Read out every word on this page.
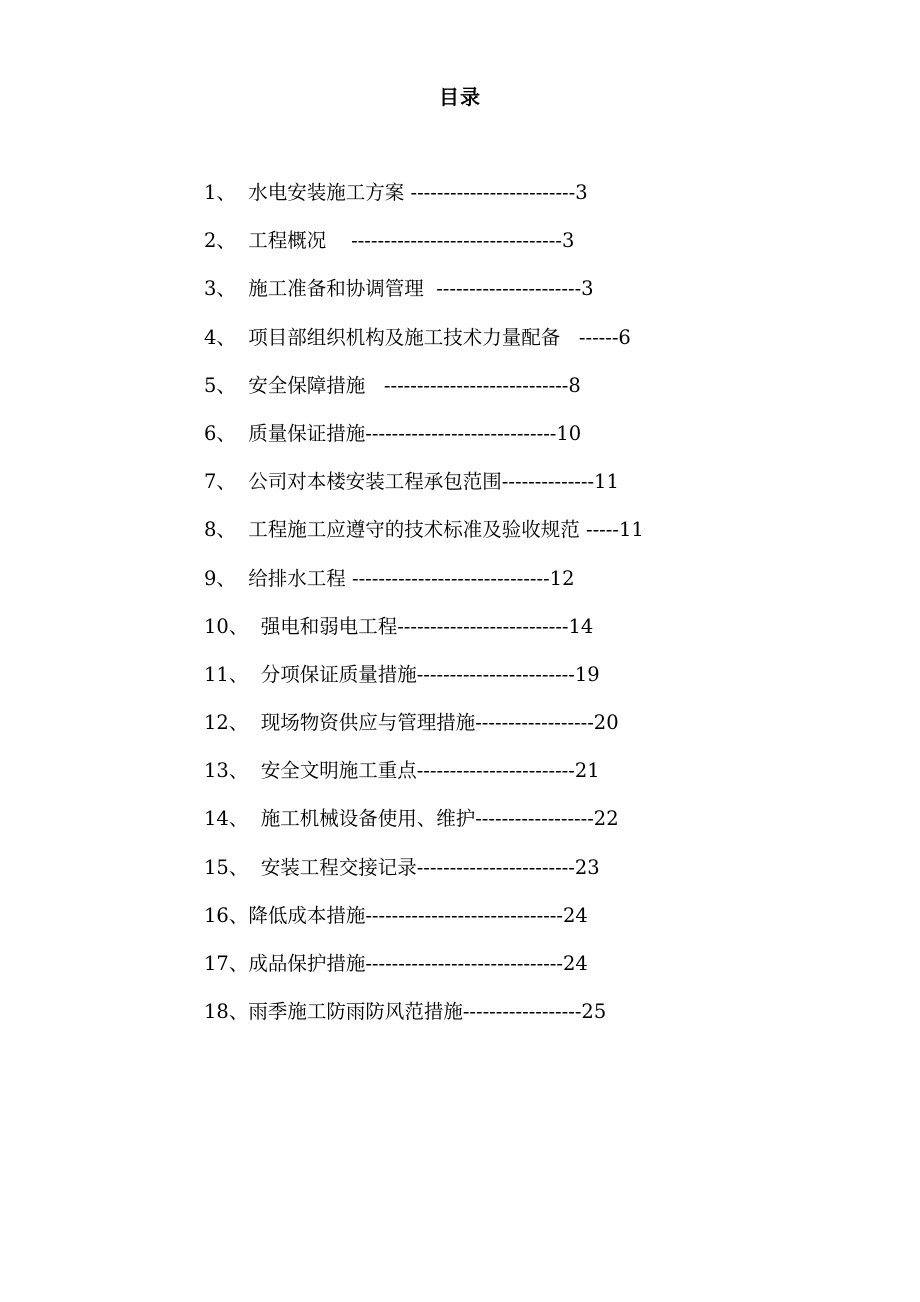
目录
1、  水电安装施工方案 -------------------------3
2、  工程概况    --------------------------------3
3、  施工准备和协调管理  ----------------------3
4、  项目部组织机构及施工技术力量配备   ------6
5、  安全保障措施   ----------------------------8
6、  质量保证措施-----------------------------10
7、  公司对本楼安装工程承包范围--------------11
8、  工程施工应遵守的技术标准及验收规范 -----11
9、  给排水工程 ------------------------------12
10、  强电和弱电工程--------------------------14
11、  分项保证质量措施------------------------19
12、  现场物资供应与管理措施------------------20
13、  安全文明施工重点------------------------21
14、  施工机械设备使用、维护------------------22
15、  安装工程交接记录------------------------23
16、降低成本措施------------------------------24
17、成品保护措施------------------------------24
18、雨季施工防雨防风范措施------------------25
